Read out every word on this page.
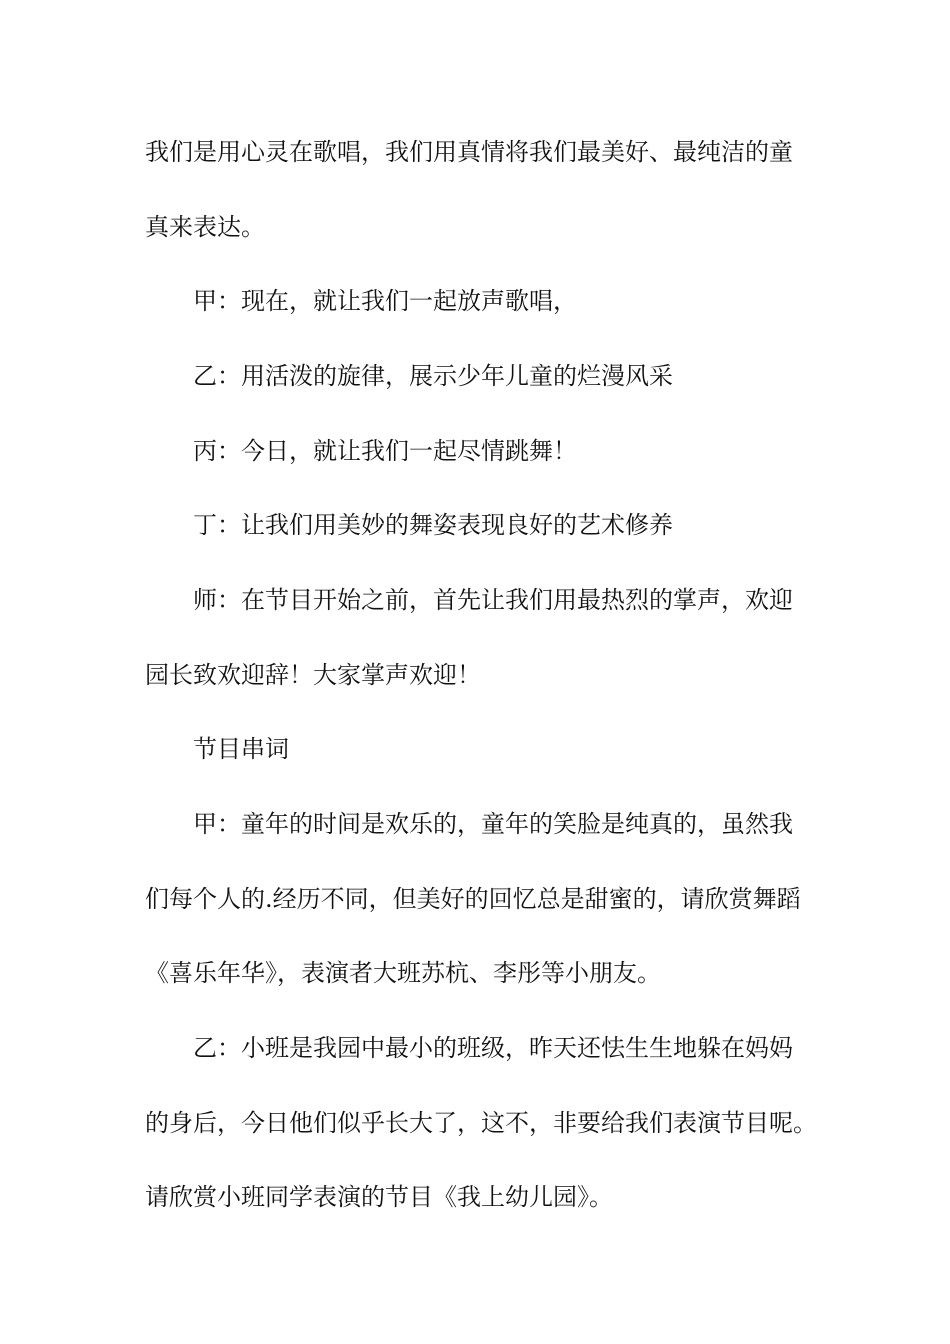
我们是用心灵在歌唱，我们用真情将我们最美好、最纯洁的童

真来表达。

甲：现在，就让我们一起放声歌唱，

乙：用活泼的旋律，展示少年儿童的烂漫风采

丙：今日，就让我们一起尽情跳舞！

丁：让我们用美妙的舞姿表现良好的艺术修养

师：在节目开始之前，首先让我们用最热烈的掌声，欢迎

园长致欢迎辞！大家掌声欢迎！

节目串词

甲：童年的时间是欢乐的，童年的笑脸是纯真的，虽然我

们每个人的.经历不同，但美好的回忆总是甜蜜的，请欣赏舞蹈

《喜乐年华》，表演者大班苏杭、李彤等小朋友。

乙：小班是我园中最小的班级，昨天还怯生生地躲在妈妈

的身后，今日他们似乎长大了，这不，非要给我们表演节目呢。

请欣赏小班同学表演的节目《我上幼儿园》。
